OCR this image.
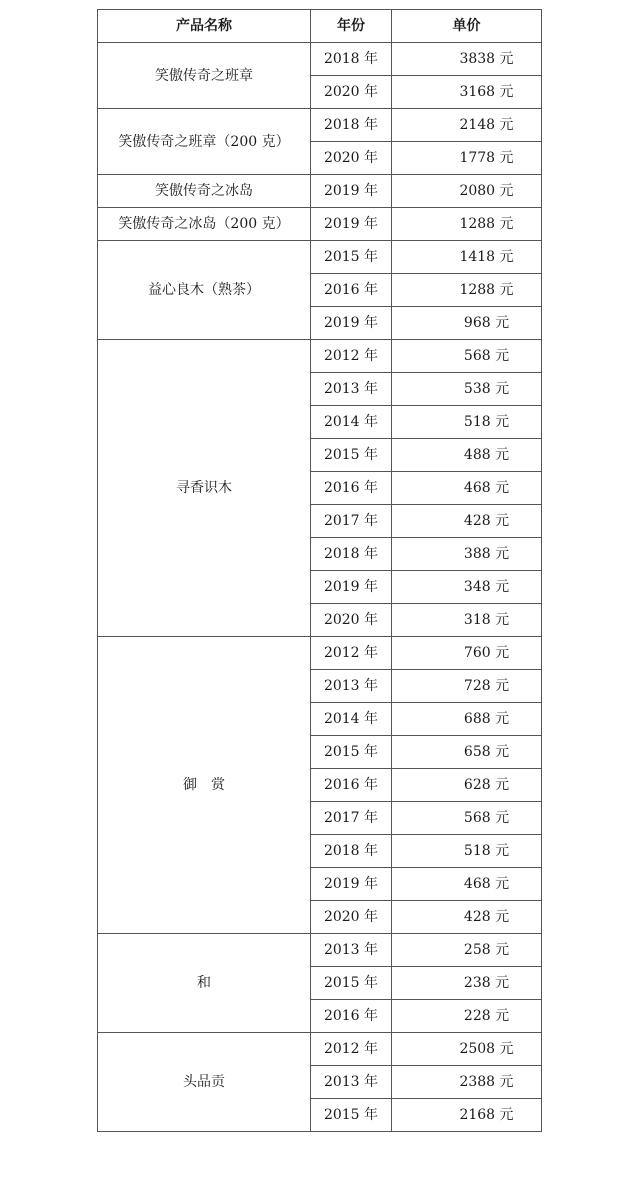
产品名称	年份	单价
笑傲传奇之班章	2018 年	3838 元
	2020 年	3168 元
笑傲传奇之班章（200 克）	2018 年	2148 元
	2020 年	1778 元
笑傲传奇之冰岛	2019 年	2080 元
笑傲传奇之冰岛（200 克）	2019 年	1288 元
益心良木（熟茶）	2015 年	1418 元
	2016 年	1288 元
	2019 年	968 元
寻香识木	2012 年	568 元
	2013 年	538 元
	2014 年	518 元
	2015 年	488 元
	2016 年	468 元
	2017 年	428 元
	2018 年	388 元
	2019 年	348 元
	2020 年	318 元
御　赏	2012 年	760 元
	2013 年	728 元
	2014 年	688 元
	2015 年	658 元
	2016 年	628 元
	2017 年	568 元
	2018 年	518 元
	2019 年	468 元
	2020 年	428 元
和	2013 年	258 元
	2015 年	238 元
	2016 年	228 元
头品贡	2012 年	2508 元
	2013 年	2388 元
	2015 年	2168 元
